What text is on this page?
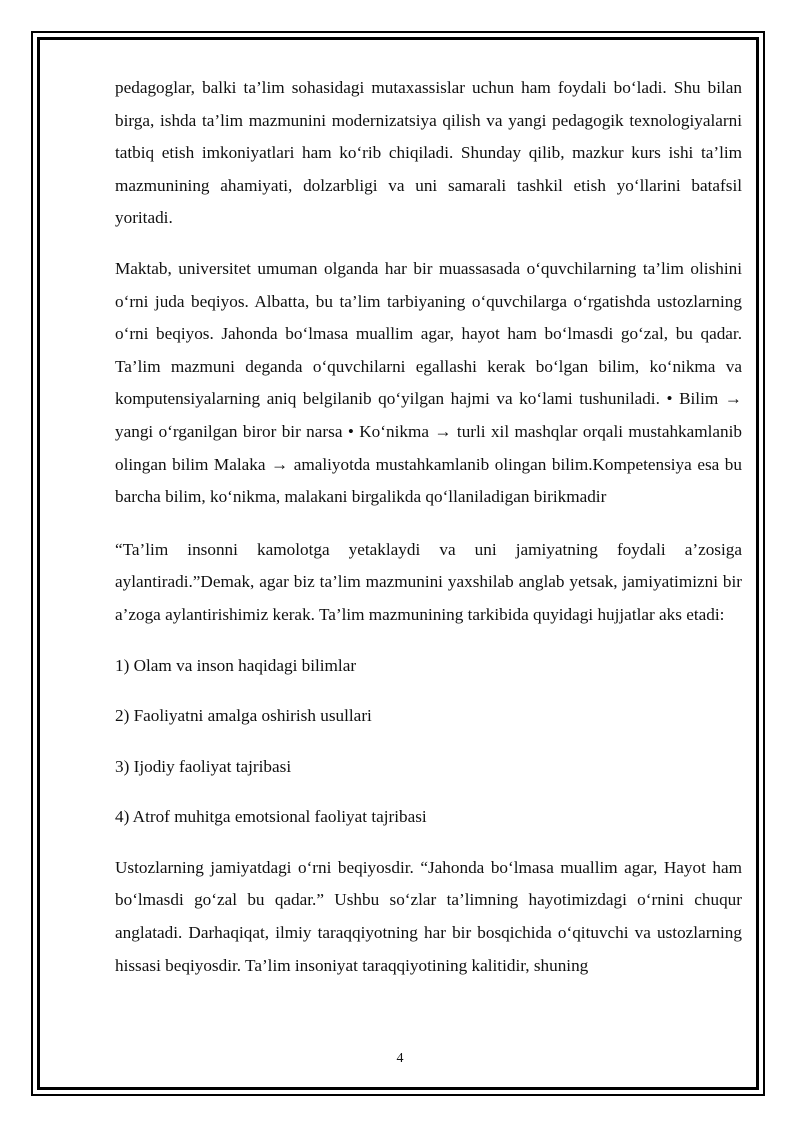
pedagoglar, balki ta’lim sohasidagi mutaxassislar uchun ham foydali bo‘ladi. Shu bilan birga, ishda ta’lim mazmunini modernizatsiya qilish va yangi pedagogik texnologiyalarni tatbiq etish imkoniyatlari ham ko‘rib chiqiladi. Shunday qilib, mazkur kurs ishi ta’lim mazmunining ahamiyati, dolzarbligi va uni samarali tashkil etish yo‘llarini batafsil yoritadi.

Maktab, universitet umuman olganda har bir muassasada o‘quvchilarning ta’lim olishini o‘rni juda beqiyos. Albatta, bu ta’lim tarbiyaning o‘quvchilarga o‘rgatishda ustozlarning o‘rni beqiyos. Jahonda bo‘lmasa muallim agar, hayot ham bo‘lmasdi go‘zal, bu qadar. Ta’lim mazmuni deganda o‘quvchilarni egallashi kerak bo‘lgan bilim, ko‘nikma va komputensiyalarning aniq belgilanib qo‘yilgan hajmi va ko‘lami tushuniladi. • Bilim → yangi o‘rganilgan biror bir narsa • Ko‘nikma → turli xil mashqlar orqali mustahkamlanib olingan bilim Malaka → amaliyotda mustahkamlanib olingan bilim.Kompetensiya esa bu barcha bilim, ko‘nikma, malakani birgalikda qo‘llaniladigan birikmadir

“Ta’lim insonni kamolotga yetaklaydi va uni jamiyatning foydali a’zosiga aylantiradi.”Demak, agar biz ta’lim mazmunini yaxshilab anglab yetsak, jamiyatimizni bir a’zoga aylantirishimiz kerak. Ta’lim mazmunining tarkibida quyidagi hujjatlar aks etadi:

1) Olam va inson haqidagi bilimlar

2) Faoliyatni amalga oshirish usullari

3) Ijodiy faoliyat tajribasi

4) Atrof muhitga emotsional faoliyat tajribasi

Ustozlarning jamiyatdagi o‘rni beqiyosdir. “Jahonda bo‘lmasa muallim agar, Hayot ham bo‘lmasdi go‘zal bu qadar.” Ushbu so‘zlar ta’limning hayotimizdagi o‘rnini chuqur anglatadi. Darhaqiqat, ilmiy taraqqiyotning har bir bosqichida o‘qituvchi va ustozlarning hissasi beqiyosdir. Ta’lim insoniyat taraqqiyotining kalitidir, shuning

4
